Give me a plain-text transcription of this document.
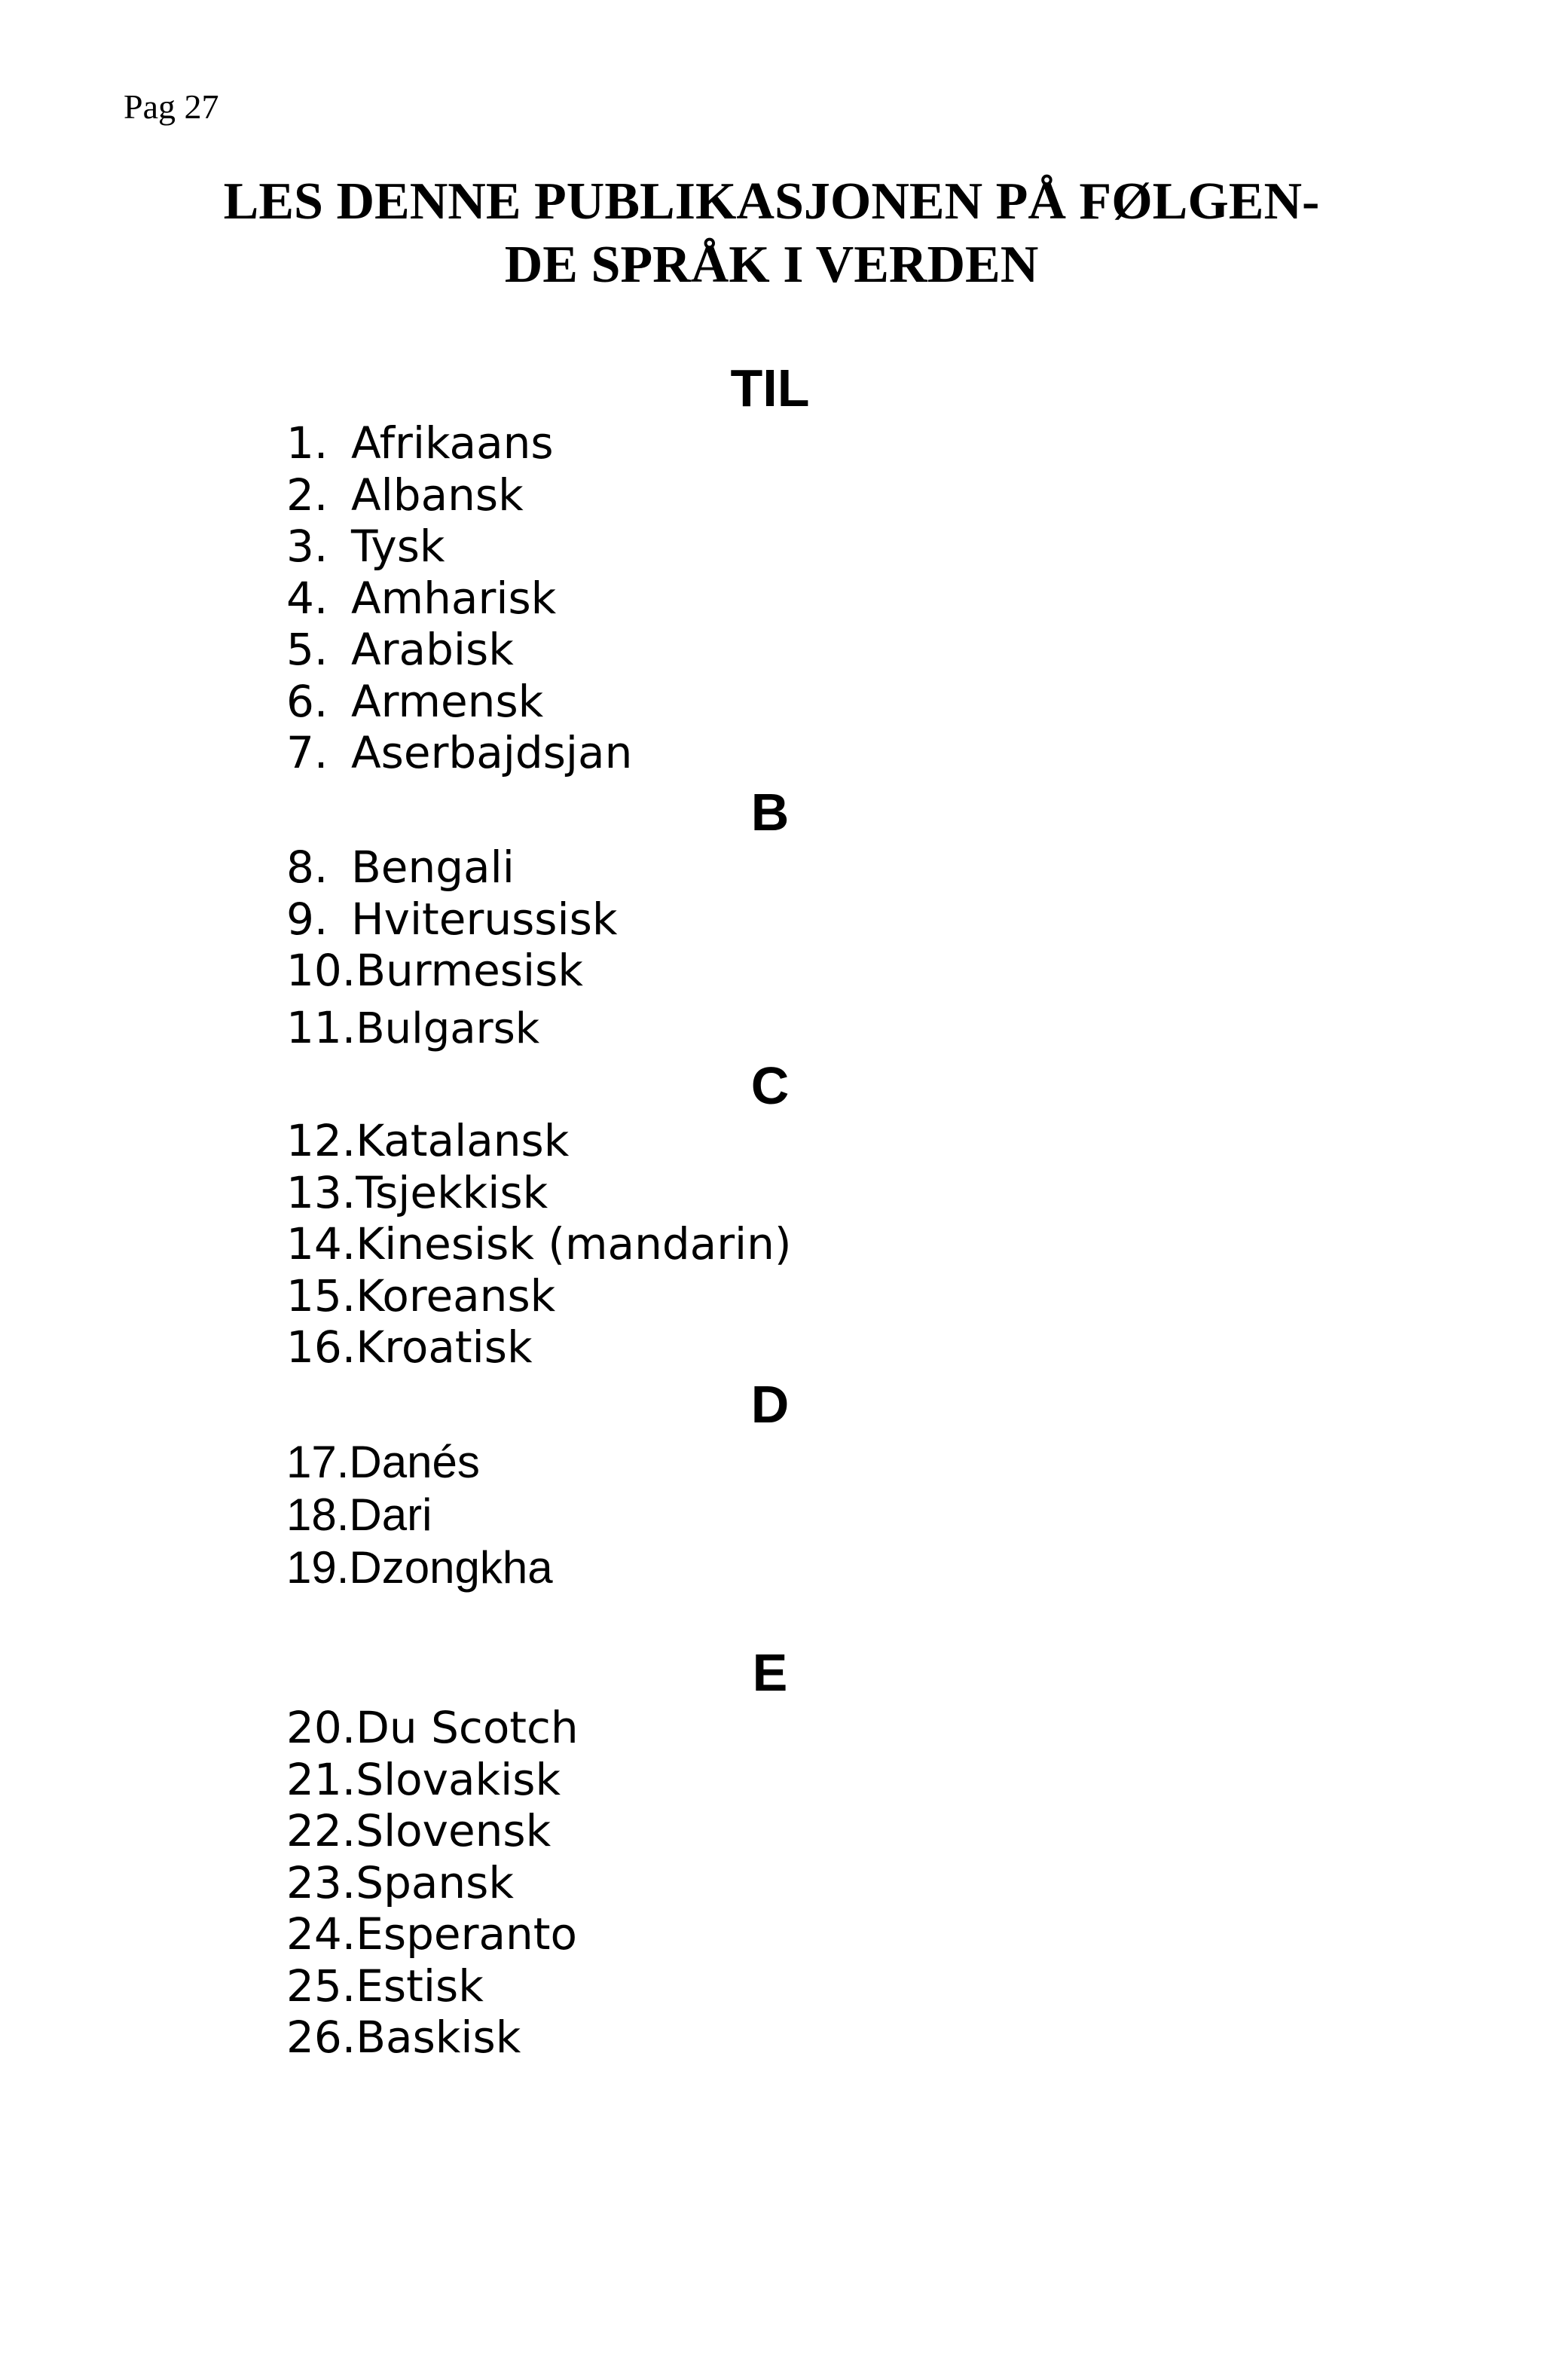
Pag 27
LES DENNE PUBLIKASJONEN PÅ FØLGEN-
DE SPRÅK I VERDEN
TIL
1. Afrikaans
2. Albansk
3. Tysk
4. Amharisk
5. Arabisk
6. Armensk
7. Aserbajdsjan
B
8. Bengali
9. Hviterussisk
10.Burmesisk
11.Bulgarsk
C
12.Katalansk
13.Tsjekkisk
14.Kinesisk (mandarin)
15.Koreansk
16.Kroatisk
D
17.Danés
18.Dari
19.Dzongkha
E
20.Du Scotch
21.Slovakisk
22.Slovensk
23.Spansk
24.Esperanto
25.Estisk
26.Baskisk
